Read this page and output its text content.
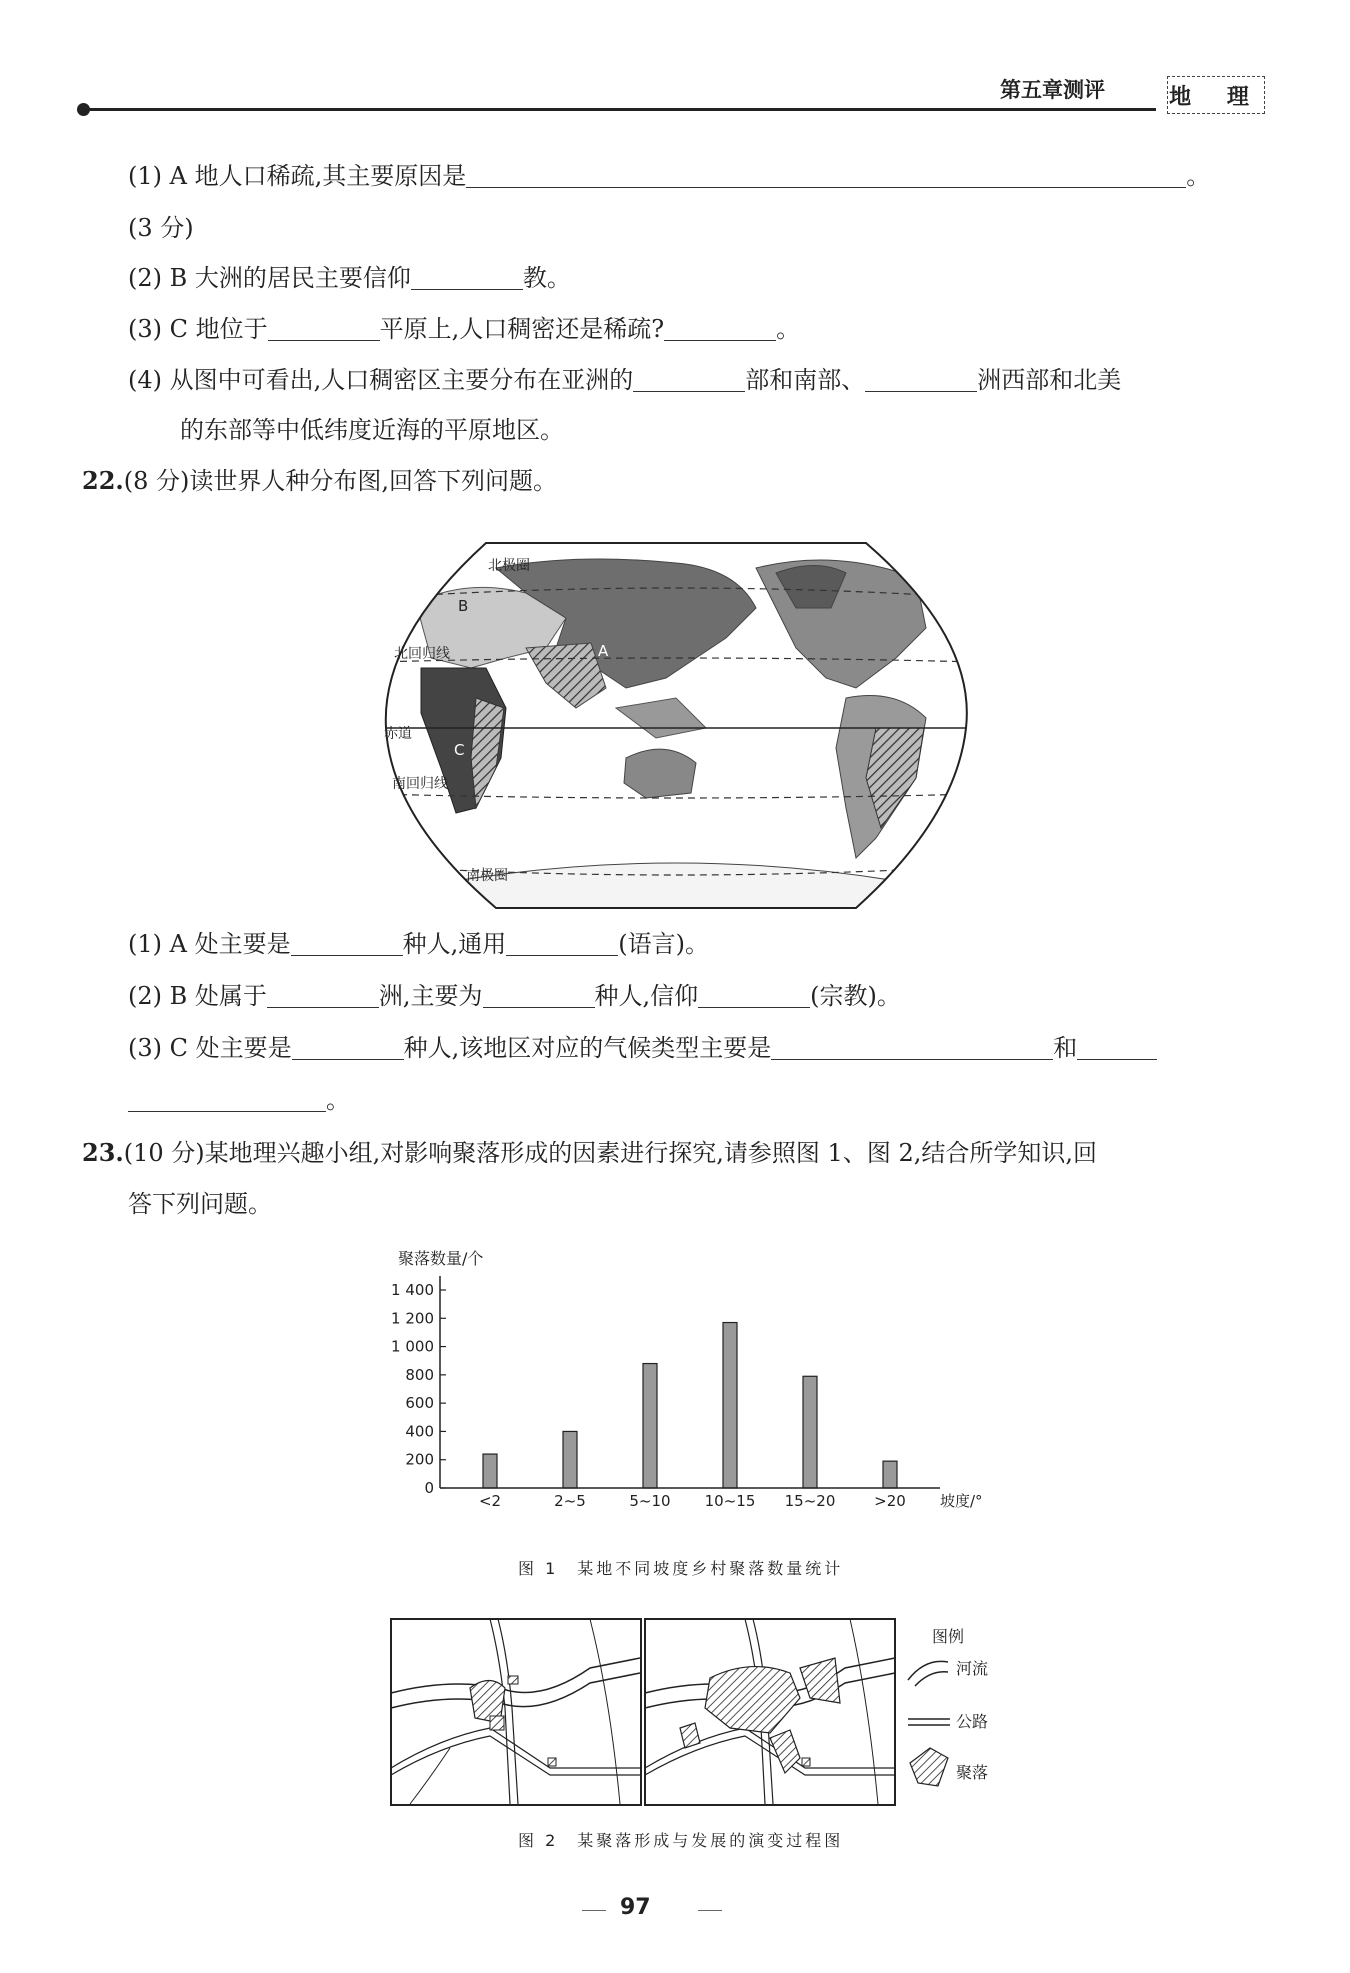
第五章测评	地 理
(1) A 地人口稀疏,其主要原因是	。
(3 分)
(2) B 大洲的居民主要信仰	教。
(3) C 地位于	平原上,人口稠密还是稀疏?	。
(4) 从图中可看出,人口稠密区主要分布在亚洲的	部和南部、	洲西部和北美
的东部等中低纬度近海的平原地区。
22.(8 分)读世界人种分布图,回答下列问题。
北极圈
北回归线
赤道
南回归线
南极圈
A
B
C
(1) A 处主要是	种人,通用	(语言)。
(2) B 处属于	洲,主要为	种人,信仰	(宗教)。
(3) C 处主要是	种人,该地区对应的气候类型主要是	和
。
23.(10 分)某地理兴趣小组,对影响聚落形成的因素进行探究,请参照图 1、图 2,结合所学知识,回
答下列问题。
聚落数量/个
0
200
400
600
800
1 000
1 200
1 400
<2	2~5	5~10 10~15 15~20	>20 坡度/°
图 1　某地不同坡度乡村聚落数量统计
图例
河流
公路
聚落
图 2　某聚落形成与发展的演变过程图
97
